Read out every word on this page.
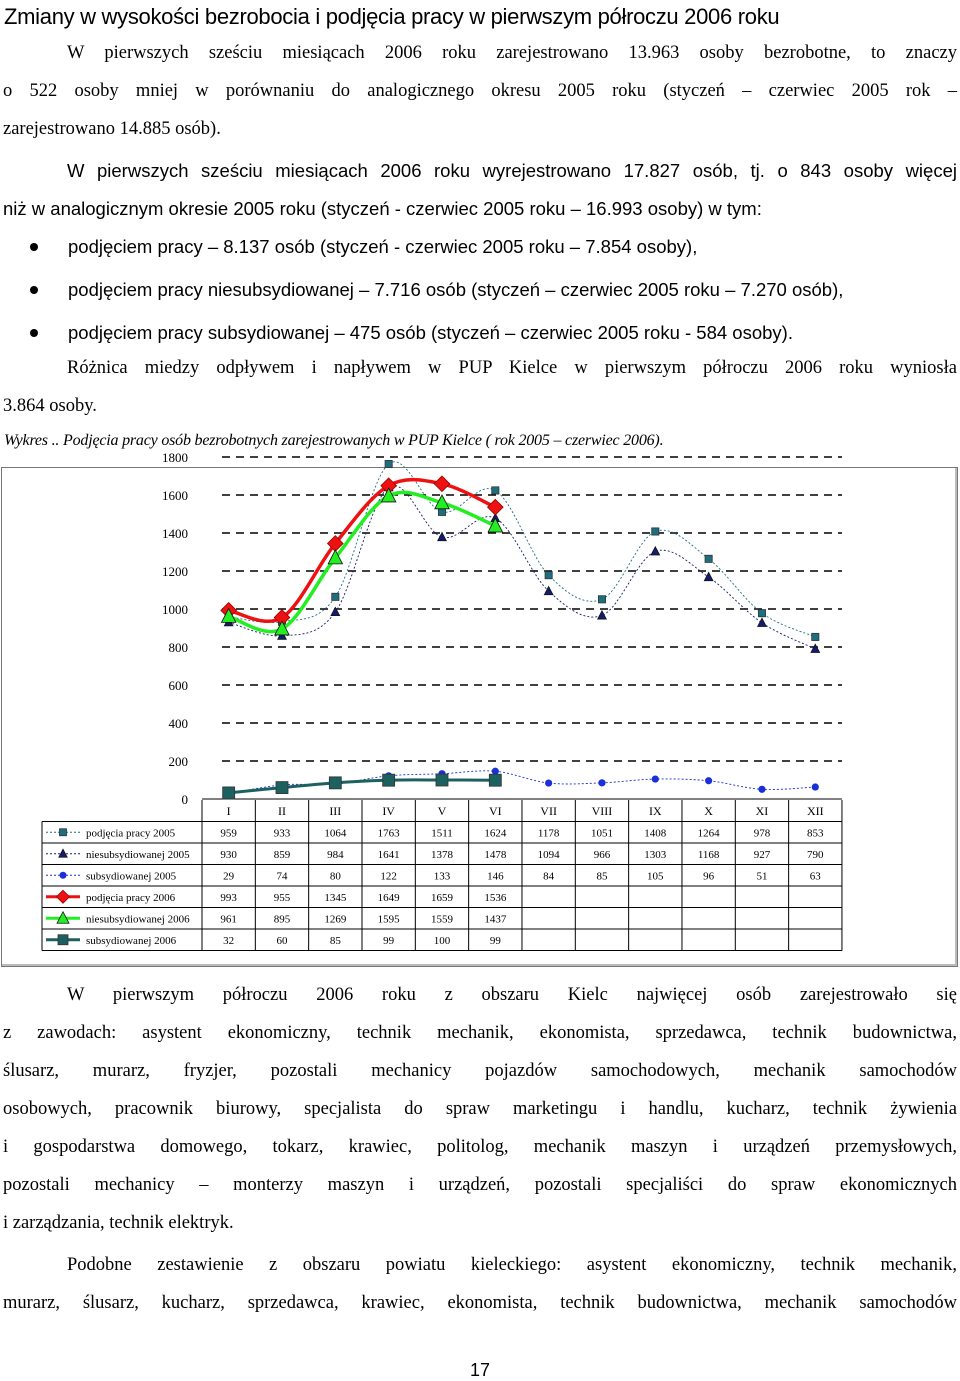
Zmiany w wysokości bezrobocia i podjęcia pracy w pierwszym półroczu 2006 roku
W pierwszych sześciu miesiącach 2006 roku zarejestrowano 13.963 osoby bezrobotne, to znaczy
o 522 osoby mniej w porównaniu do analogicznego okresu 2005 roku (styczeń – czerwiec 2005 rok –
zarejestrowano 14.885 osób).
W pierwszych sześciu miesiącach 2006 roku wyrejestrowano 17.827 osób, tj. o 843 osoby więcej
niż w analogicznym okresie 2005 roku (styczeń - czerwiec 2005 roku – 16.993 osoby) w tym:
podjęciem pracy – 8.137 osób (styczeń - czerwiec 2005 roku – 7.854 osoby),
podjęciem pracy niesubsydiowanej – 7.716 osób (styczeń – czerwiec 2005 roku – 7.270 osób),
podjęciem pracy subsydiowanej – 475 osób (styczeń – czerwiec 2005 roku - 584 osoby).
Różnica miedzy odpływem i napływem w PUP Kielce w pierwszym półroczu 2006 roku wyniosła
3.864 osoby.
Wykres .. Podjęcia pracy osób bezrobotnych zarejestrowanych w PUP Kielce ( rok 2005 – czerwiec 2006).
1800
1600
1400
1200
1000
800
600
400
200
0
I	II	III	IV	V	VI	VII	VIII	IX	X	XI	XII
podjęcia pracy 2005	959	933	1064	1763	1511	1624	1178	1051	1408	1264	978	853
niesubsydiowanej 2005	930	859	984	1641	1378	1478	1094	966	1303	1168	927	790
subsydiowanej 2005	29	74	80	122	133	146	84	85	105	96	51	63
podjęcia pracy 2006	993	955	1345	1649	1659	1536
niesubsydiowanej 2006	961	895	1269	1595	1559	1437
subsydiowanej 2006	32	60	85	99	100	99
W pierwszym półroczu 2006 roku z obszaru Kielc najwięcej osób zarejestrowało się
z zawodach: asystent ekonomiczny, technik mechanik, ekonomista, sprzedawca, technik budownictwa,
ślusarz, murarz, fryzjer, pozostali mechanicy pojazdów samochodowych, mechanik samochodów
osobowych, pracownik biurowy, specjalista do spraw marketingu i handlu, kucharz, technik żywienia
i gospodarstwa domowego, tokarz, krawiec, politolog, mechanik maszyn i urządzeń przemysłowych,
pozostali mechanicy – monterzy maszyn i urządzeń, pozostali specjaliści do spraw ekonomicznych
i zarządzania, technik elektryk.
Podobne zestawienie z obszaru powiatu kieleckiego: asystent ekonomiczny, technik mechanik,
murarz, ślusarz, kucharz, sprzedawca, krawiec, ekonomista, technik budownictwa, mechanik samochodów
17
